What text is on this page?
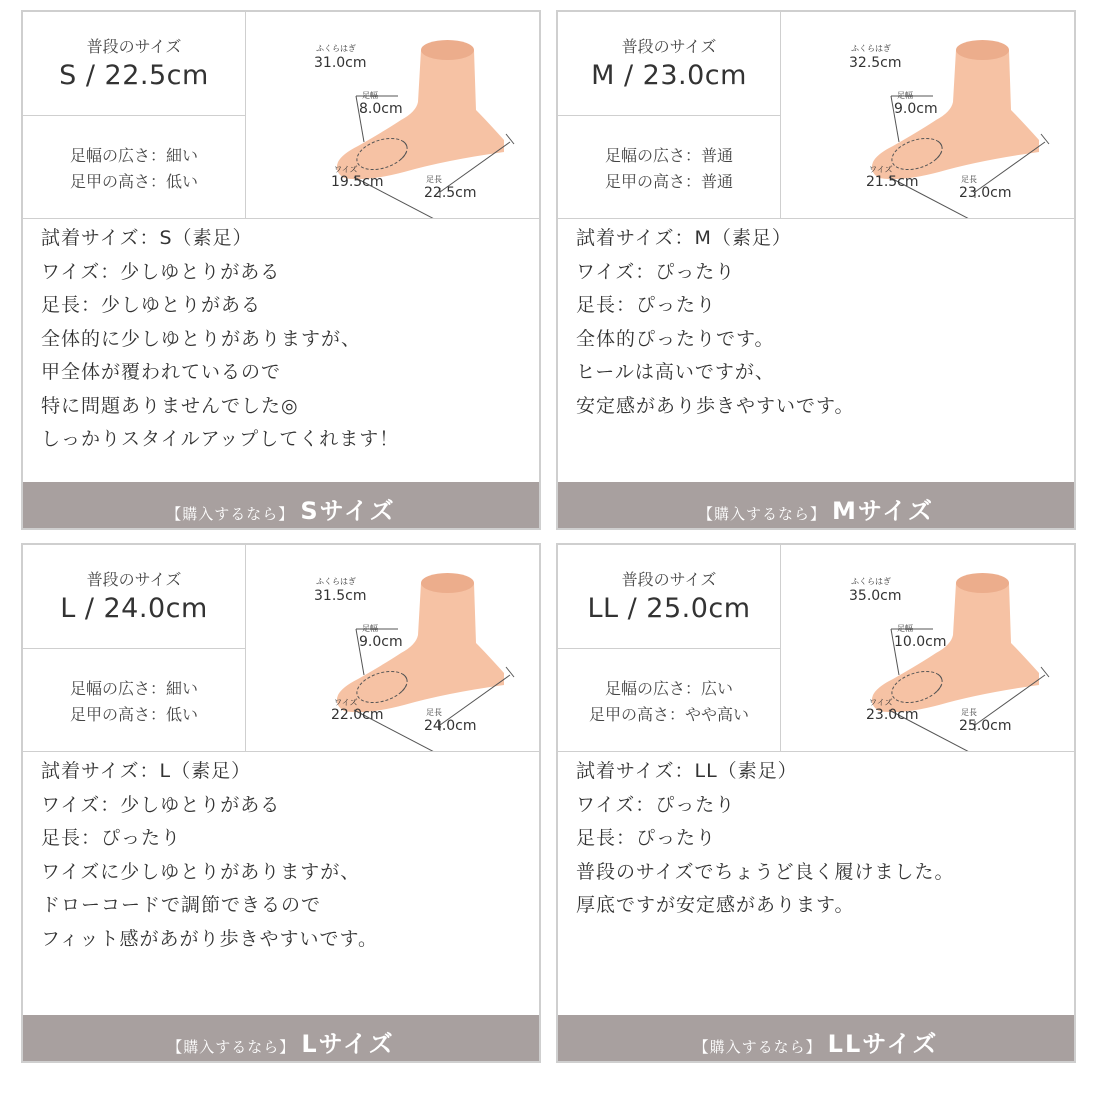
普段のサイズ
S / 22.5cm
足幅の広さ：細い
足甲の高さ：低い
ふくらはぎ
31.0cm
足幅
8.0cm
ワイズ
19.5cm	足長
22.5cm
試着サイズ：S（素足）
ワイズ：少しゆとりがある
足長：少しゆとりがある
全体的に少しゆとりがありますが、
甲全体が覆われているので
特に問題ありませんでした◎
しっかりスタイルアップしてくれます！
【購入するなら】 Sサイズ
普段のサイズ
M / 23.0cm
足幅の広さ：普通
足甲の高さ：普通
ふくらはぎ
32.5cm
足幅
9.0cm
ワイズ
21.5cm	足長
23.0cm
試着サイズ：M（素足）
ワイズ：ぴったり
足長：ぴったり
全体的ぴったりです。
ヒールは高いですが、
安定感があり歩きやすいです。
【購入するなら】 Mサイズ
普段のサイズ
L / 24.0cm
足幅の広さ：細い
足甲の高さ：低い
ふくらはぎ
31.5cm
足幅
9.0cm
ワイズ
22.0cm	足長
24.0cm
試着サイズ：L（素足）
ワイズ：少しゆとりがある
足長：ぴったり
ワイズに少しゆとりがありますが、
ドローコードで調節できるので
フィット感があがり歩きやすいです。
【購入するなら】 Lサイズ
普段のサイズ
LL / 25.0cm
足幅の広さ：広い
足甲の高さ：やや高い
ふくらはぎ
35.0cm
足幅
10.0cm
ワイズ
23.0cm	足長
25.0cm
試着サイズ：LL（素足）
ワイズ：ぴったり
足長：ぴったり
普段のサイズでちょうど良く履けました。
厚底ですが安定感があります。
【購入するなら】 LLサイズ
